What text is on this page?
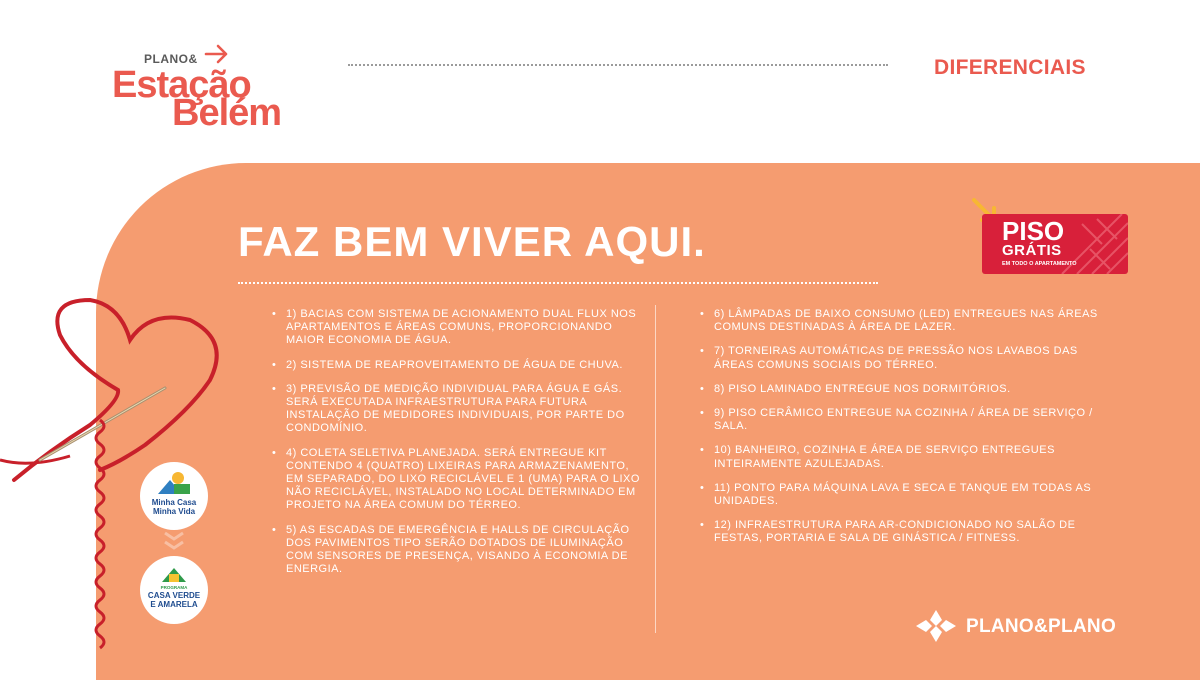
PLANO&
Estação
Belém
DIFERENCIAIS
FAZ BEM VIVER AQUI.	PISO
GRÁTIS
EM TODO O APARTAMENTO
• 1) BACIAS COM SISTEMA DE ACIONAMENTO DUAL FLUX NOS APARTAMENTOS E ÁREAS COMUNS, PROPORCIONANDO MAIOR ECONOMIA DE ÁGUA.
• 2) SISTEMA DE REAPROVEITAMENTO DE ÁGUA DE CHUVA.
• 3) PREVISÃO DE MEDIÇÃO INDIVIDUAL PARA ÁGUA E GÁS. SERÁ EXECUTADA INFRAESTRUTURA PARA FUTURA INSTALAÇÃO DE MEDIDORES INDIVIDUAIS, POR PARTE DO CONDOMÍNIO.
• 4) COLETA SELETIVA PLANEJADA. SERÁ ENTREGUE KIT CONTENDO 4 (QUATRO) LIXEIRAS PARA ARMAZENAMENTO, EM SEPARADO, DO LIXO RECICLÁVEL E 1 (UMA) PARA O LIXO NÃO RECICLÁVEL, INSTALADO NO LOCAL DETERMINADO EM PROJETO NA ÁREA COMUM DO TÉRREO.
• 5) AS ESCADAS DE EMERGÊNCIA E HALLS DE CIRCULAÇÃO DOS PAVIMENTOS TIPO SERÃO DOTADOS DE ILUMINAÇÃO COM SENSORES DE PRESENÇA, VISANDO À ECONOMIA DE ENERGIA.
• 6) LÂMPADAS DE BAIXO CONSUMO (LED) ENTREGUES NAS ÁREAS COMUNS DESTINADAS À ÁREA DE LAZER.
• 7) TORNEIRAS AUTOMÁTICAS DE PRESSÃO NOS LAVABOS DAS ÁREAS COMUNS SOCIAIS DO TÉRREO.
• 8) PISO LAMINADO ENTREGUE NOS DORMITÓRIOS.
• 9) PISO CERÂMICO ENTREGUE NA COZINHA / ÁREA DE SERVIÇO / SALA.
• 10) BANHEIRO, COZINHA E ÁREA DE SERVIÇO ENTREGUES INTEIRAMENTE AZULEJADAS.
• 11) PONTO PARA MÁQUINA LAVA E SECA E TANQUE EM TODAS AS UNIDADES.
• 12) INFRAESTRUTURA PARA AR-CONDICIONADO NO SALÃO DE FESTAS, PORTARIA E SALA DE GINÁSTICA / FITNESS.
Minha Casa
Minha Vida
PROGRAMA
CASA VERDE
E AMARELA
PLANO&PLANO
